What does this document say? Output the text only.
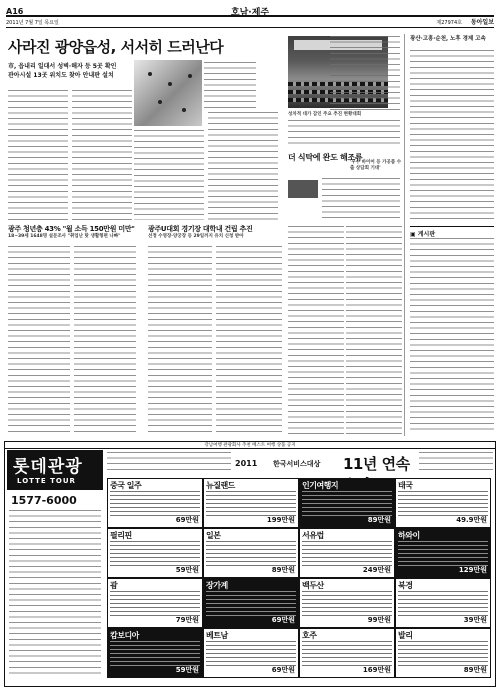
A16	호남·제주
2011년 7월 7일 목요일	제27974호 동아일보
사라진 광양읍성, 서서히 드러난다
市, 읍내리 일대서 성벽·해자 등 5곳 확인
관아시설 13곳 위치도 찾아 안내판 설치
성차적 대가 감인 주요 추진 현황대회
더 식탁에 완도 해조류
'우수 바이어 등 가공품 수출 상담회 기대'
광주 청년층 43% "월 소득 150만원 미만"
18~39세 1648명 설문조사 "취업난 탓 생활형편 나빠"
광주U대회 경기장 대학내 건립 추진
선정 수영장·양궁장 등 29일까지 유치 신청 받아
광산·고흥·순천, 노후 경제 고속
▣ 게시판
강남여행 관광회사 추천 베스트 여행 상품 공지
롯데관광
LOTTE TOUR
1577-6000
2011 한국서비스대상 11년 연속
중국 일주
69만원
뉴질랜드
199만원
인기여행지
89만원
태국
49.9만원
필리핀
59만원
일본
89만원
서유럽
249만원
하와이
129만원
괌
79만원
장가계
69만원
백두산
99만원
북경
39만원
캄보디아
59만원
베트남
69만원
호주
169만원
발리
89만원
